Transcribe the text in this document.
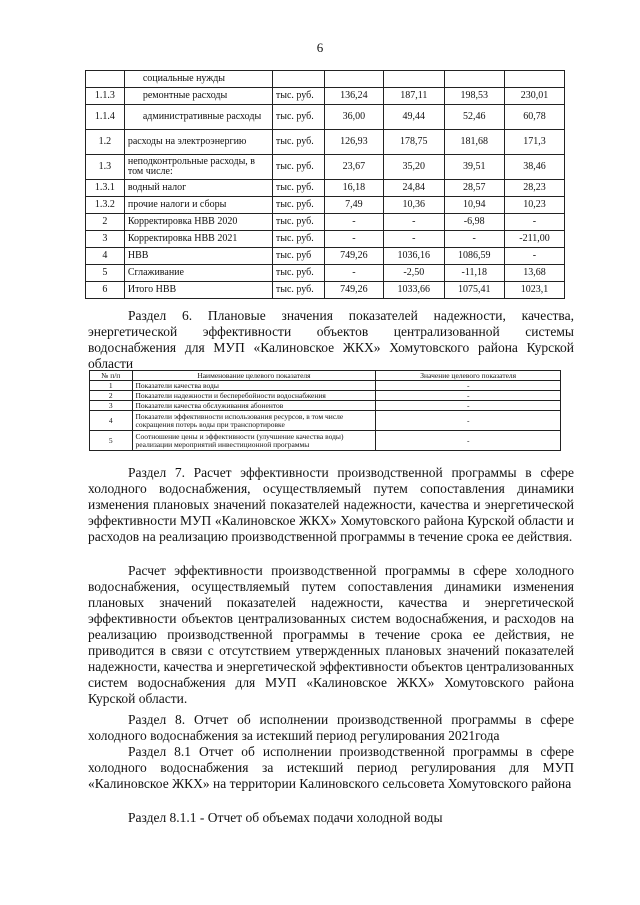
6
	социальные нужды					
1.1.3	ремонтные расходы	тыс. руб.	136,24	187,11	198,53	230,01
1.1.4	административные расходы	тыс. руб.	36,00	49,44	52,46	60,78
1.2	расходы на электроэнергию	тыс. руб.	126,93	178,75	181,68	171,3
1.3	неподконтрольные расходы, в том числе:	тыс. руб.	23,67	35,20	39,51	38,46
1.3.1	водный налог	тыс. руб.	16,18	24,84	28,57	28,23
1.3.2	прочие налоги и сборы	тыс. руб.	7,49	10,36	10,94	10,23
2	Корректировка НВВ 2020	тыс. руб.	-	-	-6,98	-
3	Корректировка НВВ 2021	тыс. руб.	-	-	-	-211,00
4	НВВ	тыс. руб	749,26	1036,16	1086,59	-
5	Сглаживание	тыс. руб.	-	-2,50	-11,18	13,68
6	Итого НВВ	тыс. руб.	749,26	1033,66	1075,41	1023,1

Раздел 6. Плановые значения показателей надежности, качества, энергетической эффективности объектов централизованной системы водоснабжения для МУП «Калиновское ЖКХ» Хомутовского района Курской области

№ п/п	Наименование целевого показателя	Значение целевого показателя
1	Показатели качества воды	-
2	Показатели надежности и бесперебойности водоснабжения	-
3	Показатели качества обслуживания абонентов	-
4	Показатели эффективности использования ресурсов, в том числе сокращения потерь воды при транспортировке	-
5	Соотношение цены и эффективности (улучшение качества воды) реализации мероприятий инвестиционной программы	-

Раздел 7. Расчет эффективности производственной программы в сфере холодного водоснабжения, осуществляемый путем сопоставления динамики изменения плановых значений показателей надежности, качества и энергетической эффективности МУП «Калиновское ЖКХ» Хомутовского района Курской области и расходов на реализацию производственной программы в течение срока ее действия.

Расчет эффективности производственной программы в сфере холодного водоснабжения, осуществляемый путем сопоставления динамики изменения плановых значений показателей надежности, качества и энергетической эффективности объектов централизованных систем водоснабжения, и расходов на реализацию производственной программы в течение срока ее действия, не приводится в связи с отсутствием утвержденных плановых значений показателей надежности, качества и энергетической эффективности объектов централизованных систем водоснабжения для МУП «Калиновское ЖКХ» Хомутовского района Курской области.

Раздел 8. Отчет об исполнении производственной программы в сфере холодного водоснабжения за истекший период регулирования 2021года

Раздел 8.1 Отчет об исполнении производственной программы в сфере холодного водоснабжения за истекший период регулирования для МУП «Калиновское ЖКХ» на территории Калиновского сельсовета Хомутовского района

Раздел 8.1.1 - Отчет об объемах подачи холодной воды
